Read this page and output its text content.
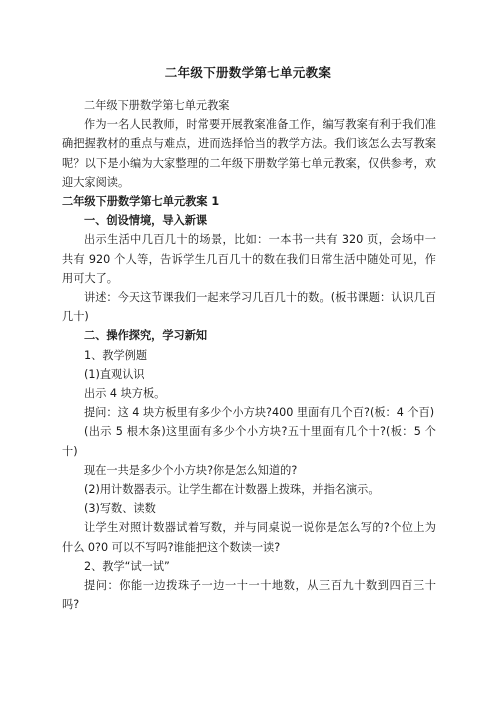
二年级下册数学第七单元教案

二年级下册数学第七单元教案

作为一名人民教师，时常要开展教案准备工作，编写教案有利于我们准确把握教材的重点与难点，进而选择恰当的教学方法。我们该怎么去写教案呢？以下是小编为大家整理的二年级下册数学第七单元教案，仅供参考，欢迎大家阅读。

二年级下册数学第七单元教案 1

一、创设情境，导入新课

出示生活中几百几十的场景，比如：一本书一共有 320 页，会场中一共有 920 个人等，告诉学生几百几十的数在我们日常生活中随处可见，作用可大了。

讲述：今天这节课我们一起来学习几百几十的数。(板书课题：认识几百几十)

二、操作探究，学习新知

1、教学例题

(1)直观认识

出示 4 块方板。

提问：这 4 块方板里有多少个小方块?400 里面有几个百?(板：4 个百)

(出示 5 根木条)这里面有多少个小方块?五十里面有几个十?(板：5 个十)

现在一共是多少个小方块?你是怎么知道的?

(2)用计数器表示。让学生都在计数器上拨珠，并指名演示。

(3)写数、读数

让学生对照计数器试着写数，并与同桌说一说你是怎么写的?个位上为什么 0?0 可以不写吗?谁能把这个数读一读?

2、教学“试一试”

提问：你能一边拨珠子一边一十一十地数，从三百九十数到四百三十吗?
